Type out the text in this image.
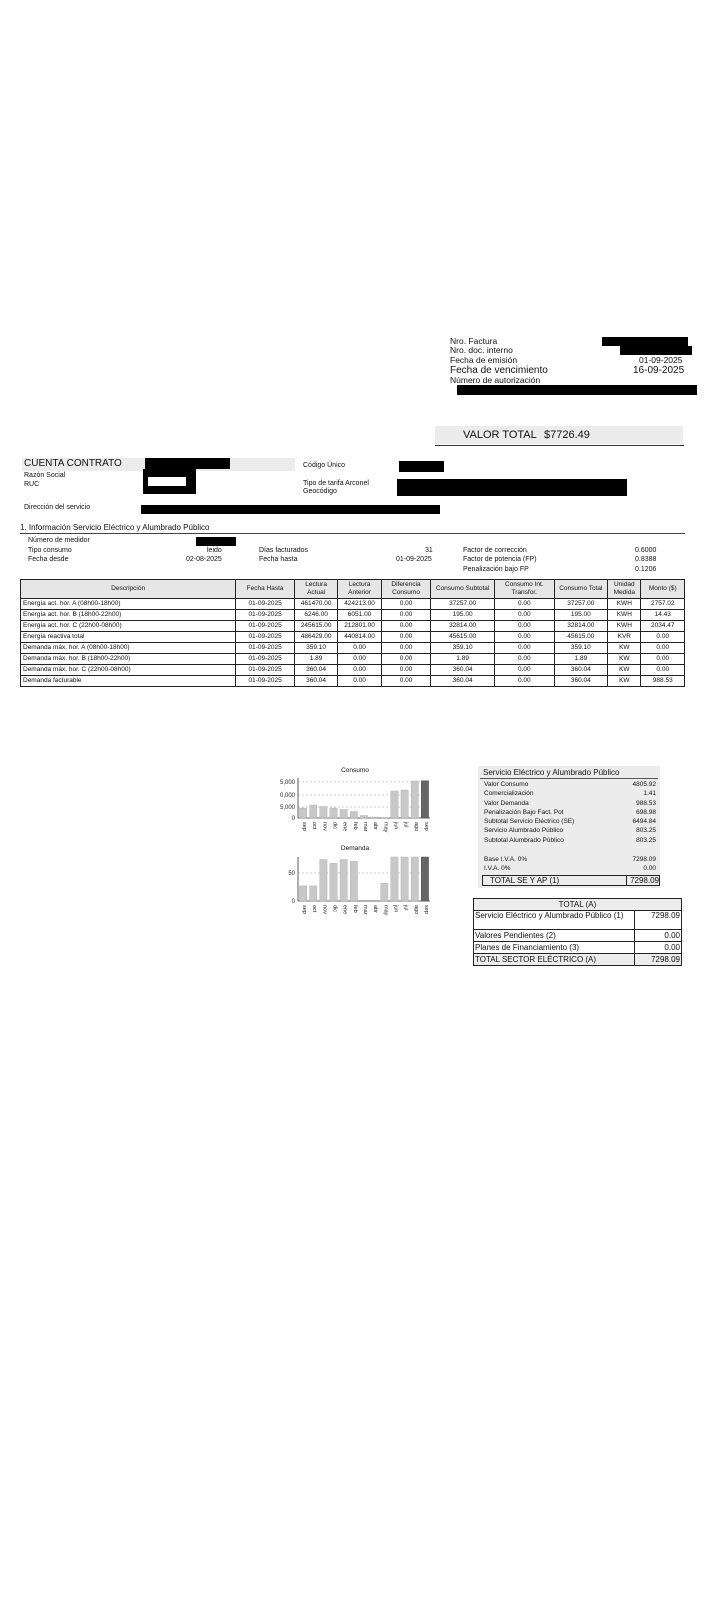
Nro. Factura
Nro. doc. interno
Fecha de emisión	01-09-2025
Fecha de vencimiento	16-09-2025
Número de autorización
VALOR TOTAL $7726.49
CUENTA CONTRATO
Razón Social
RUC
Código Único
Tipo de tarifa Arconel
Geocódigo
Dirección del servicio
1. Información Servicio Eléctrico y Alumbrado Público
Número de medidor
Tipo consumo	leido
Fecha desde	02-08-2025
Días facturados	31
Fecha hasta	01-09-2025
Factor de corrección	0.6000
Factor de potencia (FP)	0.8388
Penalización bajo FP	0.1206
Descripción	Fecha Hasta	Lectura Actual	Lectura Anterior	Diferencia Consumo	Consumo Subtotal	Consumo Int. Transfor.	Consumo Total	Unidad Medida	Monto ($)
Energía act. hor. A (08h00-18h00)	01-09-2025	461470.00	424213.00	0.00	37257.00	0.00	37257.00	KWH	2757.02
Energía act. hor. B (18h00-22h00)	01-09-2025	6246.00	6051.00	0.00	195.00	0.00	195.00	KWH	14.43
Energía act. hor. C (22h00-08h00)	01-09-2025	245615.00	212801.00	0.00	32814.00	0.00	32814.00	KWH	2034.47
Energía reactiva total	01-09-2025	486429.00	440814.00	0.00	45615.00	0.00	45615.00	KVR	0.00
Demanda máx. hor. A (08h00-18h00)	01-09-2025	359.10	0.00	0.00	359.10	0.00	359.10	KW	0.00
Demanda máx. hor. B (18h00-22h00)	01-09-2025	1.89	0.00	0.00	1.89	0.00	1.89	KW	0.00
Demanda máx. hor. C (22h00-08h00)	01-09-2025	360.04	0.00	0.00	360.04	0.00	360.04	KW	0.00
Demanda facturable	01-09-2025	360.04	0.00	0.00	360.04	0.00	360.04	KW	988.53
Consumo
0
5,000
0,000
5,000
sep oct nov dic ene feb mar abr may jun jul ago sep
Demanda
0
50
sep oct nov dic ene feb mar abr may jun jul ago sep
Servicio Eléctrico y Alumbrado Público
Valor Consumo	4805.92
Comercialización	1.41
Valor Demanda	988.53
Penalización Bajo Fact. Pot	698.98
Subtotal Servicio Eléctrico (SE)	6494.84
Servicio Alumbrado Público	803.25
Subtotal Alumbrado Público	803.25
Base I.V.A. 0%	7298.09
I.V.A. 0%	0.00
TOTAL SE Y AP (1)	7298.09
TOTAL (A)	
Servicio Eléctrico y Alumbrado Público (1)	7298.09
Valores Pendientes (2)	0.00
Planes de Financiamiento (3)	0.00
TOTAL SECTOR ELÉCTRICO (A)	7298.09
